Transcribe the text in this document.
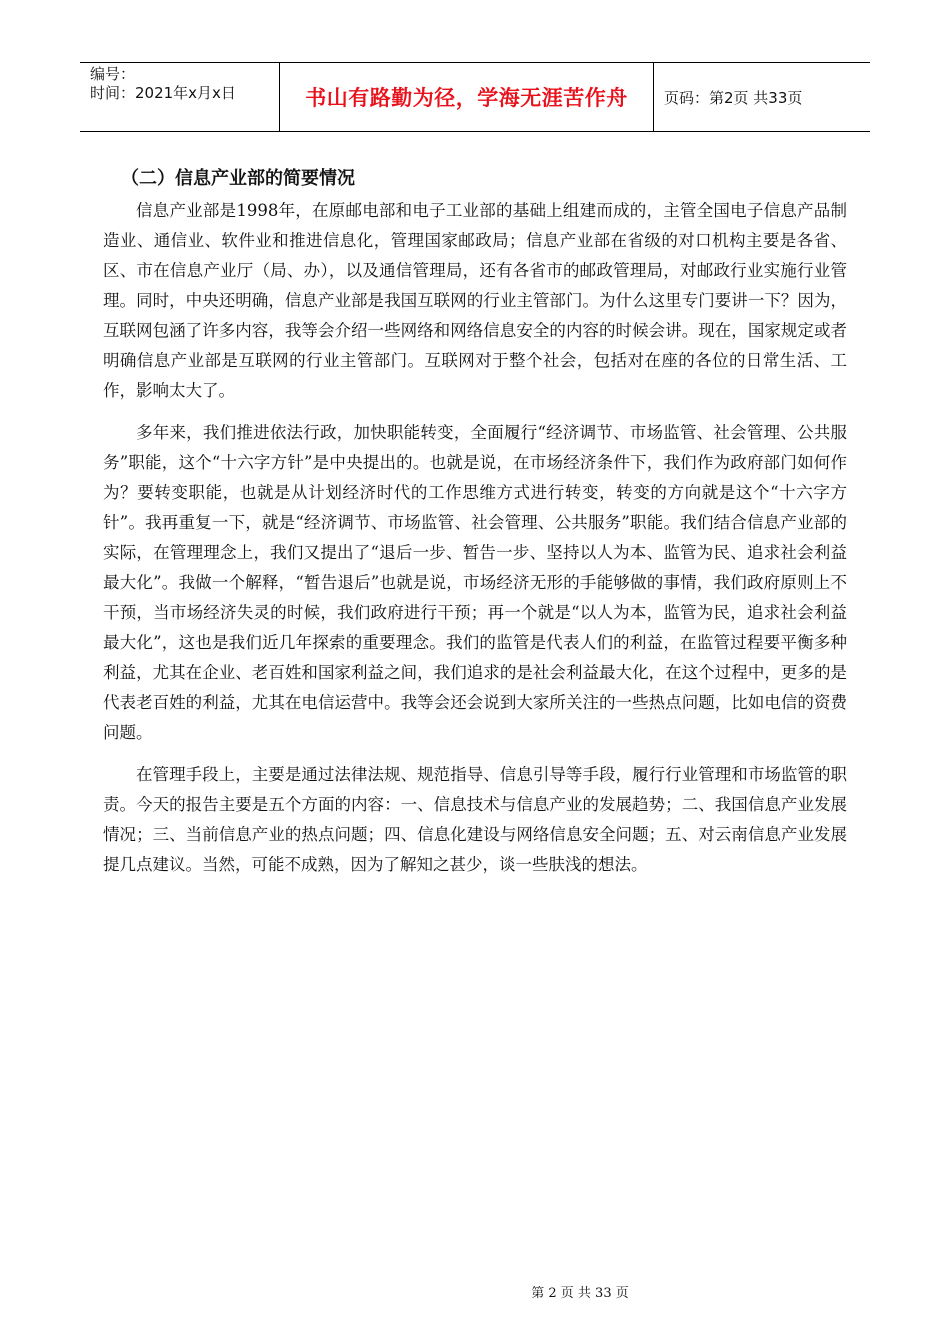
编号：
时间：2021年x月x日	书山有路勤为径，学海无涯苦作舟	页码：第2页 共33页
（二）信息产业部的简要情况

信息产业部是1998年，在原邮电部和电子工业部的基础上组建而成的，主管全国电子信息产品制造业、通信业、软件业和推进信息化，管理国家邮政局；信息产业部在省级的对口机构主要是各省、区、市在信息产业厅（局、办），以及通信管理局，还有各省市的邮政管理局，对邮政行业实施行业管理。同时，中央还明确，信息产业部是我国互联网的行业主管部门。为什么这里专门要讲一下？因为，互联网包涵了许多内容，我等会介绍一些网络和网络信息安全的内容的时候会讲。现在，国家规定或者明确信息产业部是互联网的行业主管部门。互联网对于整个社会，包括对在座的各位的日常生活、工作，影响太大了。

多年来，我们推进依法行政，加快职能转变，全面履行“经济调节、市场监管、社会管理、公共服务”职能，这个“十六字方针”是中央提出的。也就是说，在市场经济条件下，我们作为政府部门如何作为？要转变职能，也就是从计划经济时代的工作思维方式进行转变，转变的方向就是这个“十六字方针”。我再重复一下，就是“经济调节、市场监管、社会管理、公共服务”职能。我们结合信息产业部的实际，在管理理念上，我们又提出了“退后一步、暂告一步、坚持以人为本、监管为民、追求社会利益最大化”。我做一个解释，“暂告退后”也就是说，市场经济无形的手能够做的事情，我们政府原则上不干预，当市场经济失灵的时候，我们政府进行干预；再一个就是“以人为本，监管为民，追求社会利益最大化”，这也是我们近几年探索的重要理念。我们的监管是代表人们的利益，在监管过程要平衡多种利益，尤其在企业、老百姓和国家利益之间，我们追求的是社会利益最大化，在这个过程中，更多的是代表老百姓的利益，尤其在电信运营中。我等会还会说到大家所关注的一些热点问题，比如电信的资费问题。

在管理手段上，主要是通过法律法规、规范指导、信息引导等手段，履行行业管理和市场监管的职责。今天的报告主要是五个方面的内容：一、信息技术与信息产业的发展趋势；二、我国信息产业发展情况；三、当前信息产业的热点问题；四、信息化建设与网络信息安全问题；五、对云南信息产业发展提几点建议。当然，可能不成熟，因为了解知之甚少，谈一些肤浅的想法。

第 2 页 共 33 页
